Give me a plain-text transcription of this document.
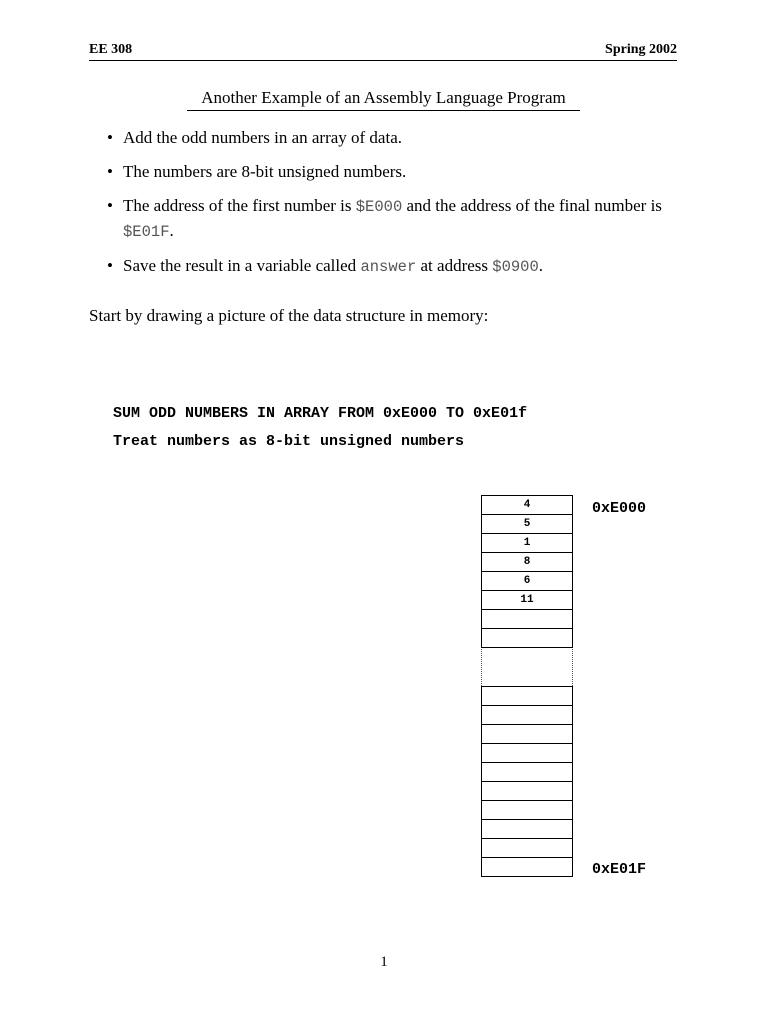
EE 308	Spring 2002
Another Example of an Assembly Language Program
• Add the odd numbers in an array of data.
• The numbers are 8-bit unsigned numbers.
• The address of the first number is $E000 and the address of the final number is $E01F.
• Save the result in a variable called answer at address $0900.
Start by drawing a picture of the data structure in memory:
SUM ODD NUMBERS IN ARRAY FROM 0xE000 TO 0xE01f
Treat numbers as 8-bit unsigned numbers
4
5
1
8
6
11
0xE000
0xE01F
1
